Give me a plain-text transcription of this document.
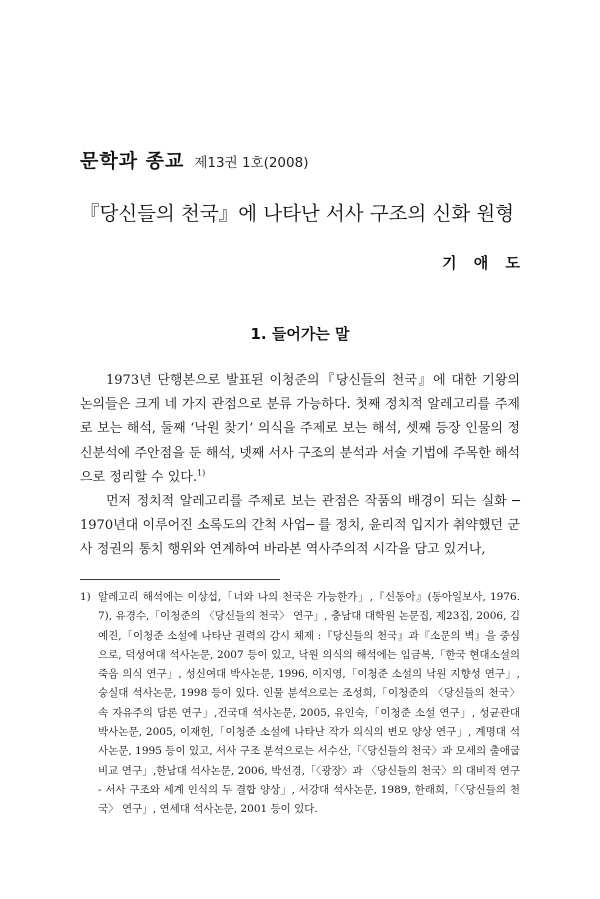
문학과 종교 제13권 1호(2008)
『당신들의 천국』에 나타난 서사 구조의 신화 원형
기 애 도
1. 들어가는 말

1973년 단행본으로 발표된 이청준의『당신들의 천국』에 대한 기왕의 논의들은 크게 네 가지 관점으로 분류 가능하다. 첫째 정치적 알레고리를 주제로 보는 해석, 둘째 ‘낙원 찾기’ 의식을 주제로 보는 해석, 셋째 등장 인물의 정신분석에 주안점을 둔 해석, 넷째 서사 구조의 분석과 서술 기법에 주목한 해석으로 정리할 수 있다.$^{1)}$

먼저 정치적 알레고리를 주제로 보는 관점은 작품의 배경이 되는 실화 ─ 1970년대 이루어진 소록도의 간척 사업─ 를 정치, 윤리적 입지가 취약했던 군사 정권의 통치 행위와 연계하여 바라본 역사주의적 시각을 담고 있거나,

1) 알레고리 해석에는 이상섭,「너와 나의 천국은 가능한가」,『신동아』(동아일보사, 1976. 7), 유경수,「이청준의 〈당신들의 천국〉 연구」, 충남대 대학원 논문집, 제23집, 2006, 김예진,「이청준 소설에 나타난 권력의 감시 체제 :『당신들의 천국』과『소문의 벽』을 중심으로, 덕성여대 석사논문, 2007 등이 있고, 낙원 의식의 해석에는 임금복,「한국 현대소설의 죽음 의식 연구」, 성신여대 박사논문, 1996, 이지영,「이청준 소설의 낙원 지향성 연구」, 숭실대 석사논문, 1998 등이 있다. 인물 분석으로는 조성희,「이청준의 〈당신들의 천국〉 속 자유주의 담론 연구」,건국대 석사논문, 2005, 유인숙,「이청준 소설 연구」, 성균관대 박사논문, 2005, 이재헌,「이청준 소설에 나타난 작가 의식의 변모 양상 연구」, 계명대 석사논문, 1995 등이 있고, 서사 구조 분석으로는 서수산,「〈당신들의 천국〉과 모세의 출애굽 비교 연구」,한남대 석사논문, 2006, 박선경,「〈광장〉과 〈당신들의 천국〉의 대비적 연구 - 서사 구조와 세계 인식의 두 결합 양상」, 서강대 석사논문, 1989, 한래희,「〈당신들의 천국〉 연구」, 연세대 석사논문, 2001 등이 있다.
